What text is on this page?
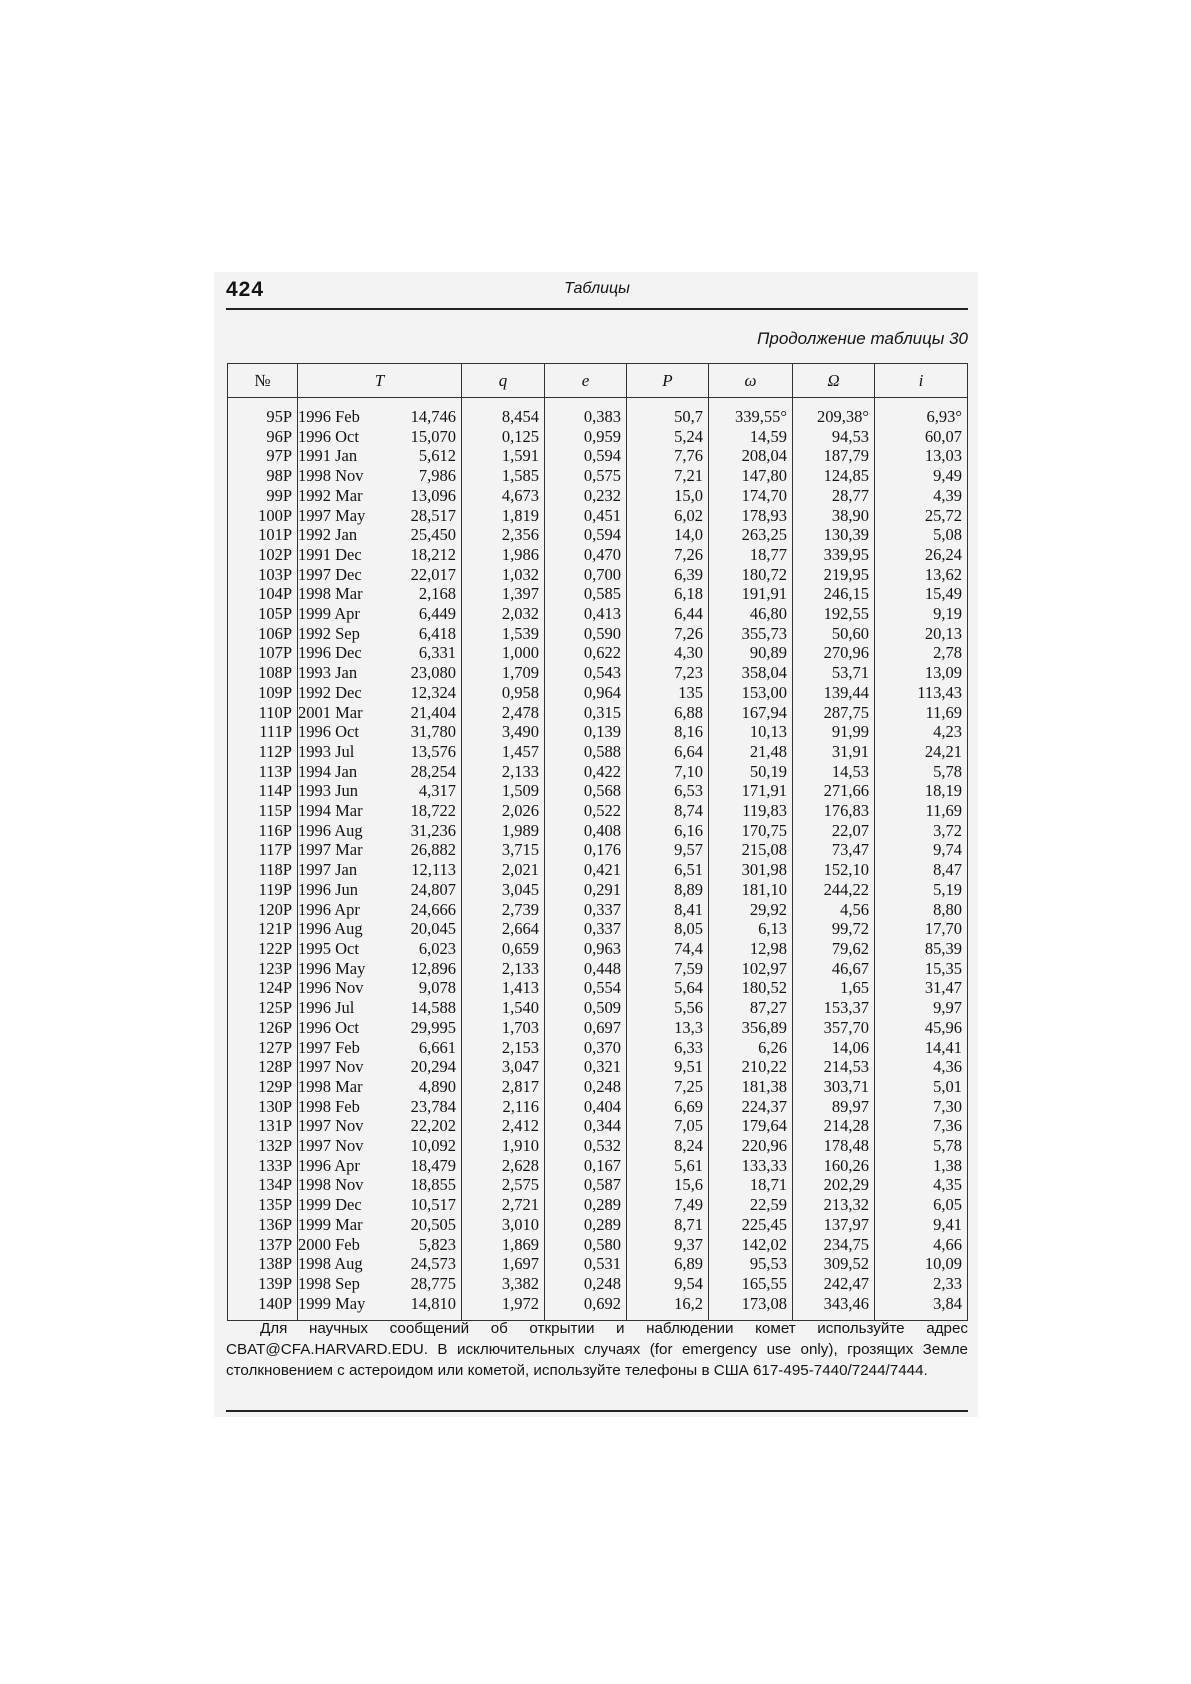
424	Таблицы
Продолжение таблицы 30
№	T	q	e	P	ω	Ω	i
95P	1996 Feb 14,746	8,454	0,383	50,7	339,55°	209,38°	6,93°
96P	1996 Oct 15,070	0,125	0,959	5,24	14,59	94,53	60,07
97P	1991 Jan 5,612	1,591	0,594	7,76	208,04	187,79	13,03
98P	1998 Nov 7,986	1,585	0,575	7,21	147,80	124,85	9,49
99P	1992 Mar 13,096	4,673	0,232	15,0	174,70	28,77	4,39
100P	1997 May 28,517	1,819	0,451	6,02	178,93	38,90	25,72
101P	1992 Jan 25,450	2,356	0,594	14,0	263,25	130,39	5,08
102P	1991 Dec 18,212	1,986	0,470	7,26	18,77	339,95	26,24
103P	1997 Dec 22,017	1,032	0,700	6,39	180,72	219,95	13,62
104P	1998 Mar 2,168	1,397	0,585	6,18	191,91	246,15	15,49
105P	1999 Apr 6,449	2,032	0,413	6,44	46,80	192,55	9,19
106P	1992 Sep 6,418	1,539	0,590	7,26	355,73	50,60	20,13
107P	1996 Dec 6,331	1,000	0,622	4,30	90,89	270,96	2,78
108P	1993 Jan 23,080	1,709	0,543	7,23	358,04	53,71	13,09
109P	1992 Dec 12,324	0,958	0,964	135	153,00	139,44	113,43
110P	2001 Mar 21,404	2,478	0,315	6,88	167,94	287,75	11,69
111P	1996 Oct 31,780	3,490	0,139	8,16	10,13	91,99	4,23
112P	1993 Jul 13,576	1,457	0,588	6,64	21,48	31,91	24,21
113P	1994 Jan 28,254	2,133	0,422	7,10	50,19	14,53	5,78
114P	1993 Jun 4,317	1,509	0,568	6,53	171,91	271,66	18,19
115P	1994 Mar 18,722	2,026	0,522	8,74	119,83	176,83	11,69
116P	1996 Aug 31,236	1,989	0,408	6,16	170,75	22,07	3,72
117P	1997 Mar 26,882	3,715	0,176	9,57	215,08	73,47	9,74
118P	1997 Jan 12,113	2,021	0,421	6,51	301,98	152,10	8,47
119P	1996 Jun 24,807	3,045	0,291	8,89	181,10	244,22	5,19
120P	1996 Apr 24,666	2,739	0,337	8,41	29,92	4,56	8,80
121P	1996 Aug 20,045	2,664	0,337	8,05	6,13	99,72	17,70
122P	1995 Oct 6,023	0,659	0,963	74,4	12,98	79,62	85,39
123P	1996 May 12,896	2,133	0,448	7,59	102,97	46,67	15,35
124P	1996 Nov 9,078	1,413	0,554	5,64	180,52	1,65	31,47
125P	1996 Jul 14,588	1,540	0,509	5,56	87,27	153,37	9,97
126P	1996 Oct 29,995	1,703	0,697	13,3	356,89	357,70	45,96
127P	1997 Feb 6,661	2,153	0,370	6,33	6,26	14,06	14,41
128P	1997 Nov 20,294	3,047	0,321	9,51	210,22	214,53	4,36
129P	1998 Mar 4,890	2,817	0,248	7,25	181,38	303,71	5,01
130P	1998 Feb 23,784	2,116	0,404	6,69	224,37	89,97	7,30
131P	1997 Nov 22,202	2,412	0,344	7,05	179,64	214,28	7,36
132P	1997 Nov 10,092	1,910	0,532	8,24	220,96	178,48	5,78
133P	1996 Apr 18,479	2,628	0,167	5,61	133,33	160,26	1,38
134P	1998 Nov 18,855	2,575	0,587	15,6	18,71	202,29	4,35
135P	1999 Dec 10,517	2,721	0,289	7,49	22,59	213,32	6,05
136P	1999 Mar 20,505	3,010	0,289	8,71	225,45	137,97	9,41
137P	2000 Feb 5,823	1,869	0,580	9,37	142,02	234,75	4,66
138P	1998 Aug 24,573	1,697	0,531	6,89	95,53	309,52	10,09
139P	1998 Sep 28,775	3,382	0,248	9,54	165,55	242,47	2,33
140P	1999 May 14,810	1,972	0,692	16,2	173,08	343,46	3,84
Для научных сообщений об открытии и наблюдении комет используйте адрес CBAT@CFA.HARVARD.EDU. В исключительных случаях (for emergency use only), грозящих Земле столкновением с астероидом или кометой, используйте телефоны в США 617-495-7440/7244/7444.
